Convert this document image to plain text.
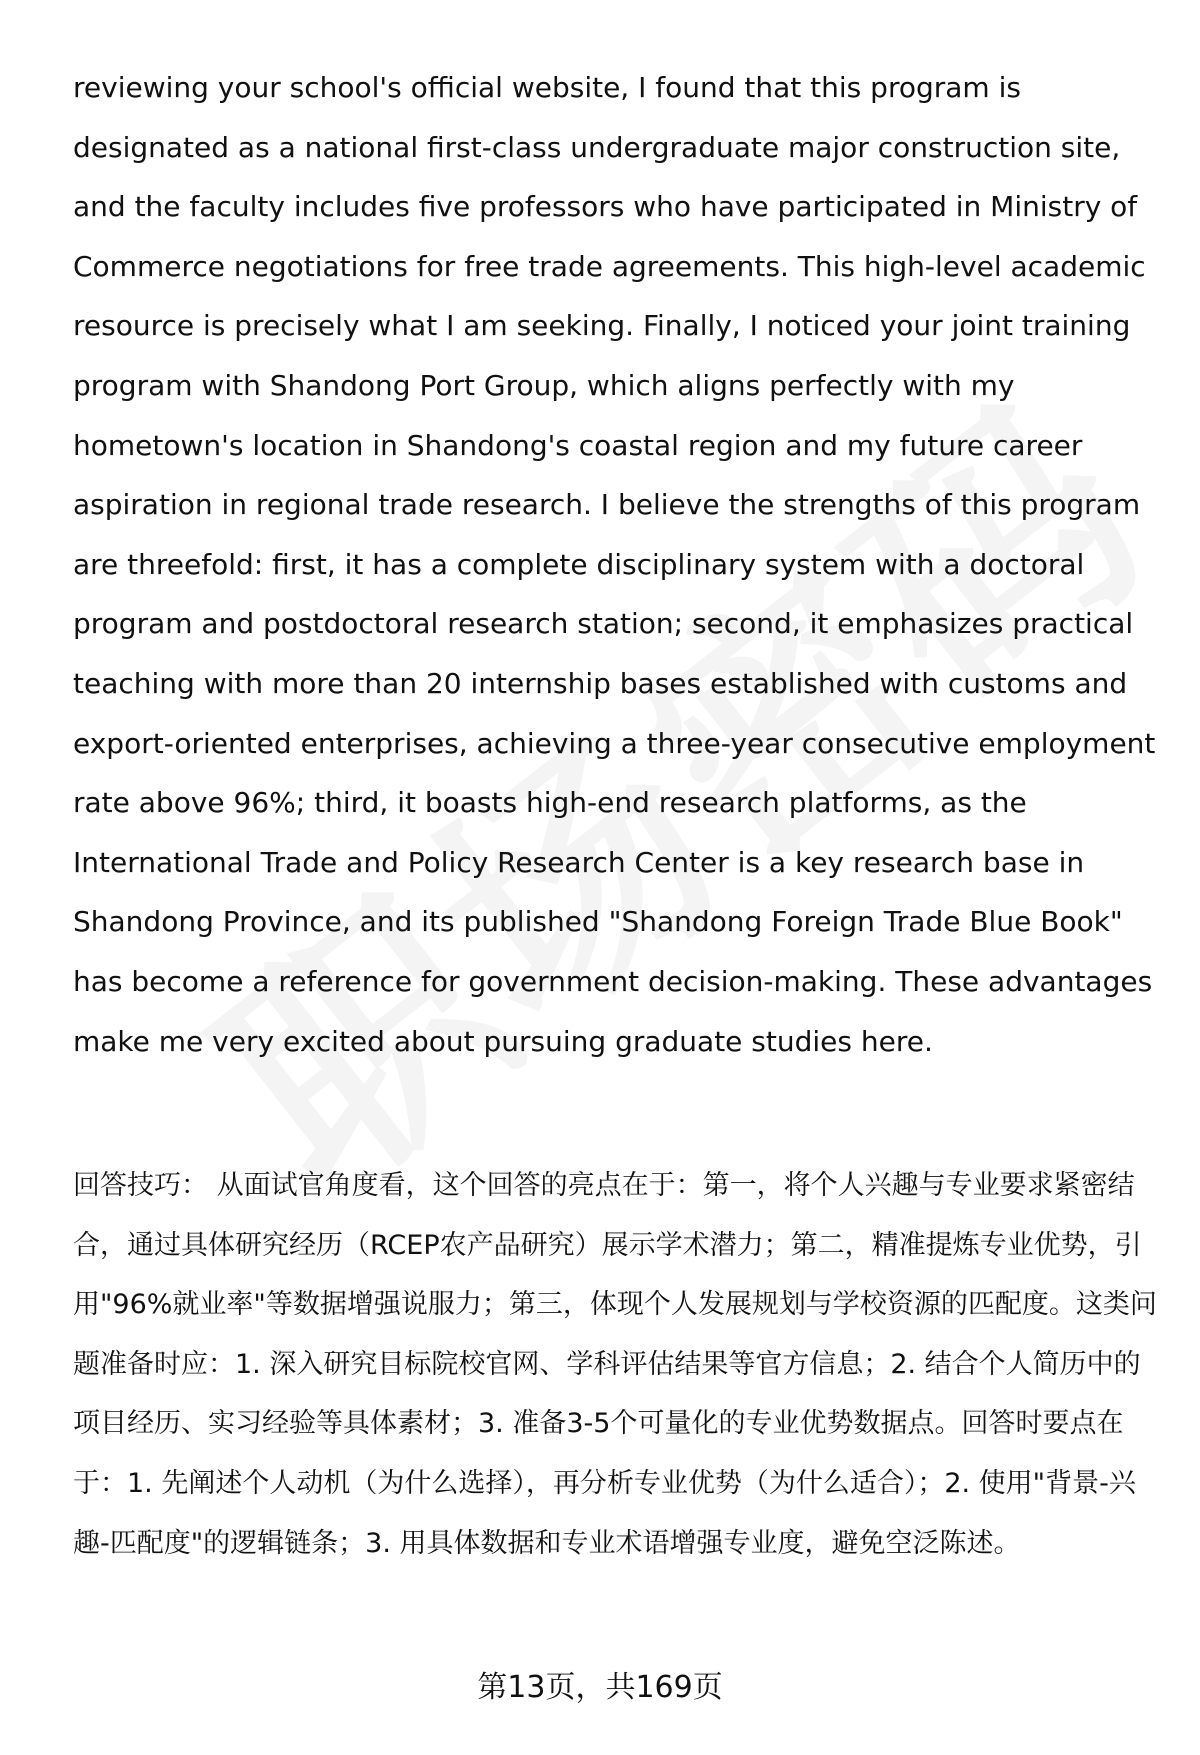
reviewing your school's official website, I found that this program is designated as a national first-class undergraduate major construction site, and the faculty includes five professors who have participated in Ministry of Commerce negotiations for free trade agreements. This high-level academic resource is precisely what I am seeking. Finally, I noticed your joint training program with Shandong Port Group, which aligns perfectly with my hometown's location in Shandong's coastal region and my future career aspiration in regional trade research. I believe the strengths of this program are threefold: first, it has a complete disciplinary system with a doctoral program and postdoctoral research station; second, it emphasizes practical teaching with more than 20 internship bases established with customs and export-oriented enterprises, achieving a three-year consecutive employment rate above 96%; third, it boasts high-end research platforms, as the International Trade and Policy Research Center is a key research base in Shandong Province, and its published "Shandong Foreign Trade Blue Book" has become a reference for government decision-making. These advantages make me very excited about pursuing graduate studies here.

回答技巧： 从面试官角度看，这个回答的亮点在于：第一，将个人兴趣与专业要求紧密结合，通过具体研究经历（RCEP农产品研究）展示学术潜力；第二，精准提炼专业优势，引用"96%就业率"等数据增强说服力；第三，体现个人发展规划与学校资源的匹配度。这类问题准备时应：1. 深入研究目标院校官网、学科评估结果等官方信息；2. 结合个人简历中的项目经历、实习经验等具体素材；3. 准备3-5个可量化的专业优势数据点。回答时要点在于：1. 先阐述个人动机（为什么选择），再分析专业优势（为什么适合）；2. 使用"背景-兴趣-匹配度"的逻辑链条；3. 用具体数据和专业术语增强专业度，避免空泛陈述。

第13页，共169页
